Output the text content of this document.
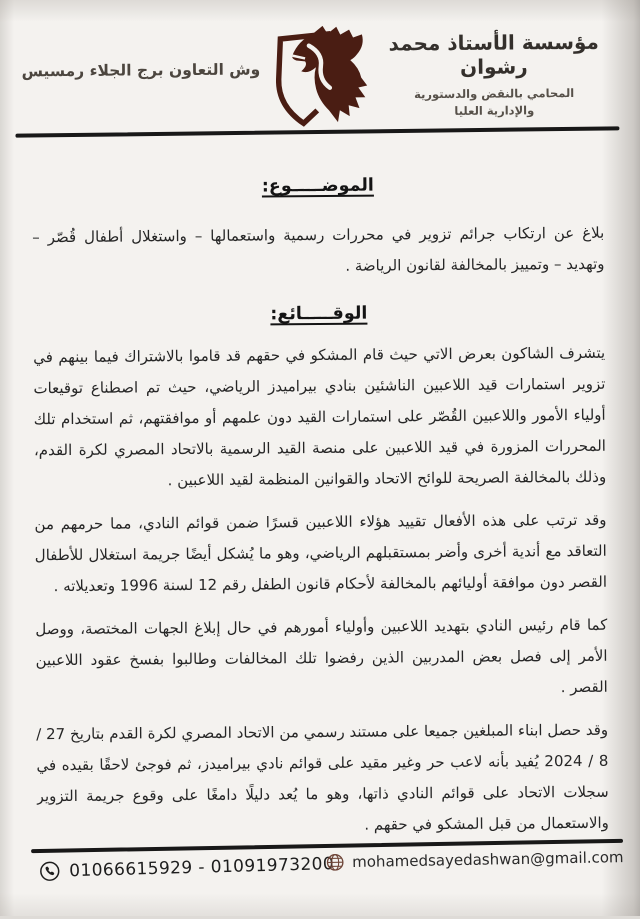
مؤسسة الأستاذ محمد رشوان
المحامي بالنقض والدستورية
والإدارية العليا
وش التعاون برج الجلاء رمسيس
الموضـــــوع:

بلاغ عن ارتكاب جرائم تزوير في محررات رسمية واستعمالها – واستغلال أطفال قُصّر – وتهديد – وتمييز بالمخالفة لقانون الرياضة .

الوقـــــائع:

يتشرف الشاكون بعرض الاتي حيث قام المشكو في حقهم قد قاموا بالاشتراك فيما بينهم في تزوير استمارات قيد اللاعبين الناشئين بنادي بيراميدز الرياضي، حيث تم اصطناع توقيعات أولياء الأمور واللاعبين القُصّر على استمارات القيد دون علمهم أو موافقتهم، ثم استخدام تلك المحررات المزورة في قيد اللاعبين على منصة القيد الرسمية بالاتحاد المصري لكرة القدم، وذلك بالمخالفة الصريحة للوائح الاتحاد والقوانين المنظمة لقيد اللاعبين .

وقد ترتب على هذه الأفعال تقييد هؤلاء اللاعبين قسرًا ضمن قوائم النادي، مما حرمهم من التعاقد مع أندية أخرى وأضر بمستقبلهم الرياضي، وهو ما يُشكل أيضًا جريمة استغلال للأطفال القصر دون موافقة أوليائهم بالمخالفة لأحكام قانون الطفل رقم 12 لسنة 1996 وتعديلاته .

كما قام رئيس النادي بتهديد اللاعبين وأولياء أمورهم في حال إبلاغ الجهات المختصة، ووصل الأمر إلى فصل بعض المدربين الذين رفضوا تلك المخالفات وطالبوا بفسخ عقود اللاعبين القصر .

وقد حصل ابناء المبلغين جميعا على مستند رسمي من الاتحاد المصري لكرة القدم بتاريخ 27 / 8 / 2024 يُفيد بأنه لاعب حر وغير مقيد على قوائم نادي بيراميدز، ثم فوجئ لاحقًا بقيده في سجلات الاتحاد على قوائم النادي ذاتها، وهو ما يُعد دليلًا دامغًا على وقوع جريمة التزوير والاستعمال من قبل المشكو في حقهم .

01066615929 - 01091973200 mohamedsayedashwan@gmail.com
